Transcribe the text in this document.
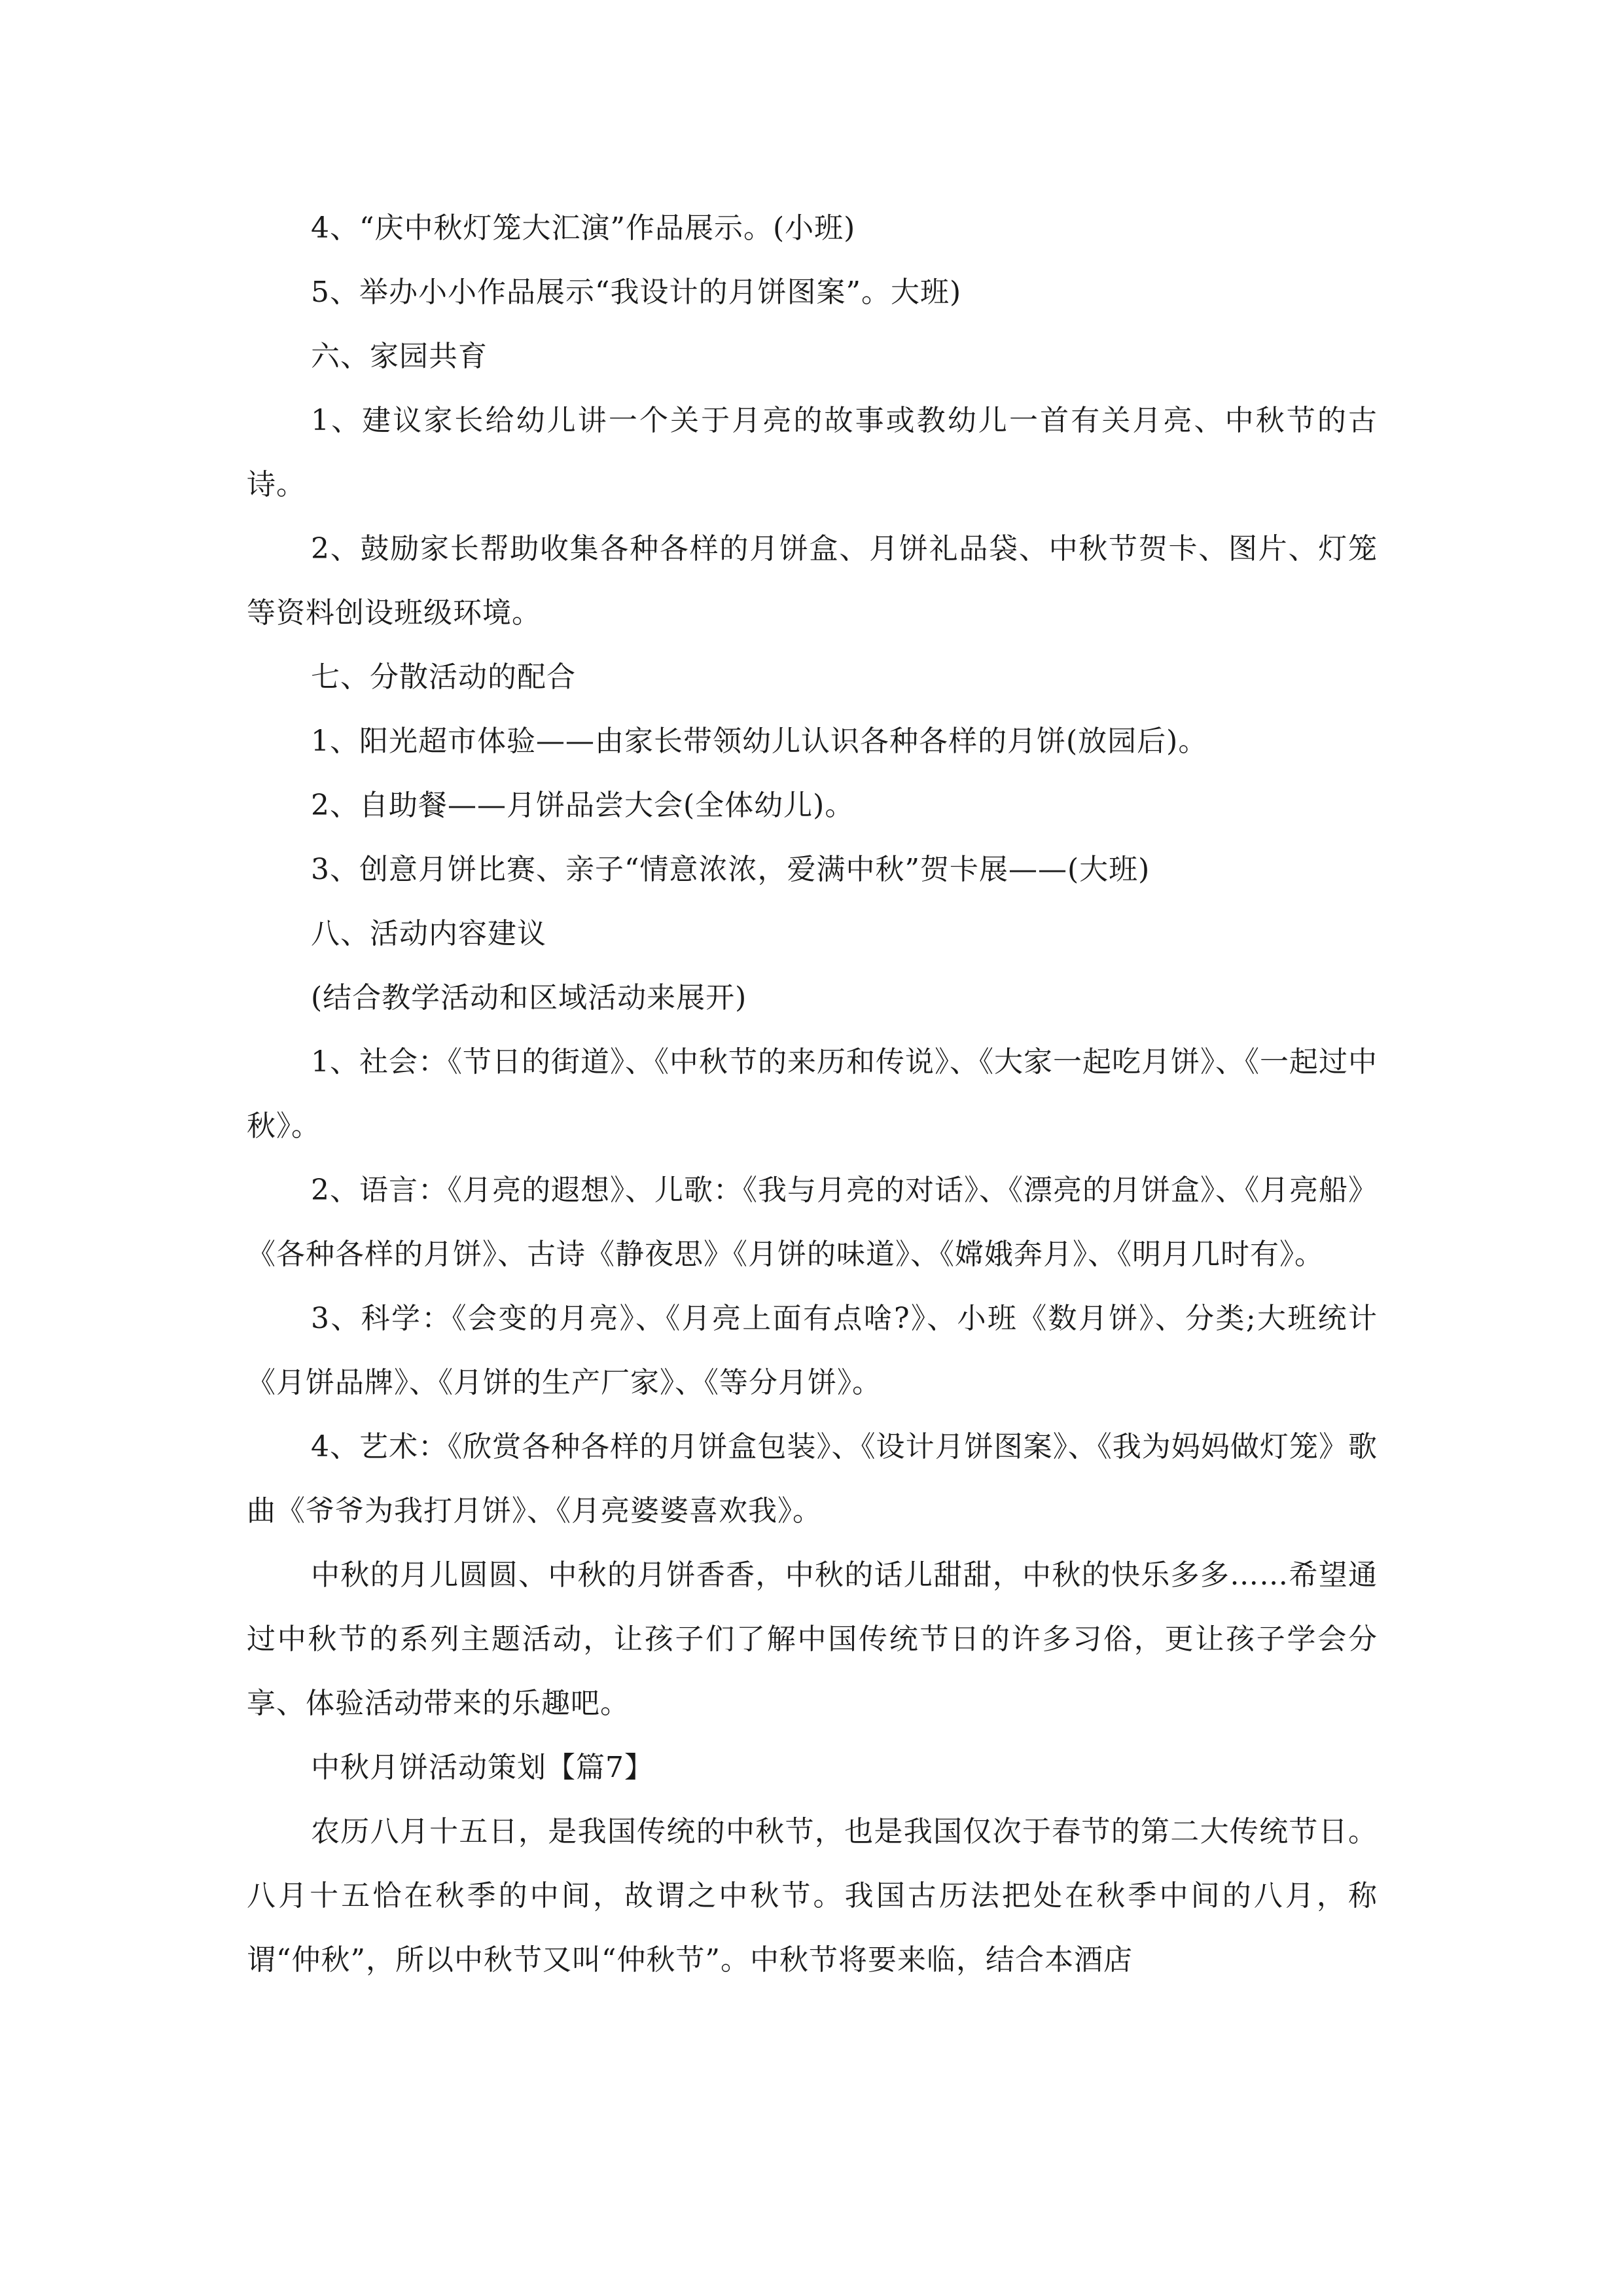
4、“庆中秋灯笼大汇演”作品展示。(小班)

5、举办小小作品展示“我设计的月饼图案”。大班)

六、家园共育

1、建议家长给幼儿讲一个关于月亮的故事或教幼儿一首有关月亮、中秋节的古诗。

2、鼓励家长帮助收集各种各样的月饼盒、月饼礼品袋、中秋节贺卡、图片、灯笼等资料创设班级环境。

七、分散活动的配合

1、阳光超市体验——由家长带领幼儿认识各种各样的月饼(放园后)。

2、自助餐——月饼品尝大会(全体幼儿)。

3、创意月饼比赛、亲子“情意浓浓，爱满中秋”贺卡展——(大班)

八、活动内容建议

(结合教学活动和区域活动来展开)

1、社会：《节日的街道》、《中秋节的来历和传说》、《大家一起吃月饼》、《一起过中秋》。

2、语言：《月亮的遐想》、儿歌：《我与月亮的对话》、《漂亮的月饼盒》、《月亮船》《各种各样的月饼》、古诗《静夜思》《月饼的味道》、《嫦娥奔月》、《明月几时有》。

3、科学：《会变的月亮》、《月亮上面有点啥?》、小班《数月饼》、分类;大班统计《月饼品牌》、《月饼的生产厂家》、《等分月饼》。

4、艺术：《欣赏各种各样的月饼盒包装》、《设计月饼图案》、《我为妈妈做灯笼》歌曲《爷爷为我打月饼》、《月亮婆婆喜欢我》。

中秋的月儿圆圆、中秋的月饼香香，中秋的话儿甜甜，中秋的快乐多多……希望通过中秋节的系列主题活动，让孩子们了解中国传统节日的许多习俗，更让孩子学会分享、体验活动带来的乐趣吧。

中秋月饼活动策划【篇7】

农历八月十五日，是我国传统的中秋节，也是我国仅次于春节的第二大传统节日。八月十五恰在秋季的中间，故谓之中秋节。我国古历法把处在秋季中间的八月，称谓“仲秋”，所以中秋节又叫“仲秋节”。中秋节将要来临，结合本酒店
